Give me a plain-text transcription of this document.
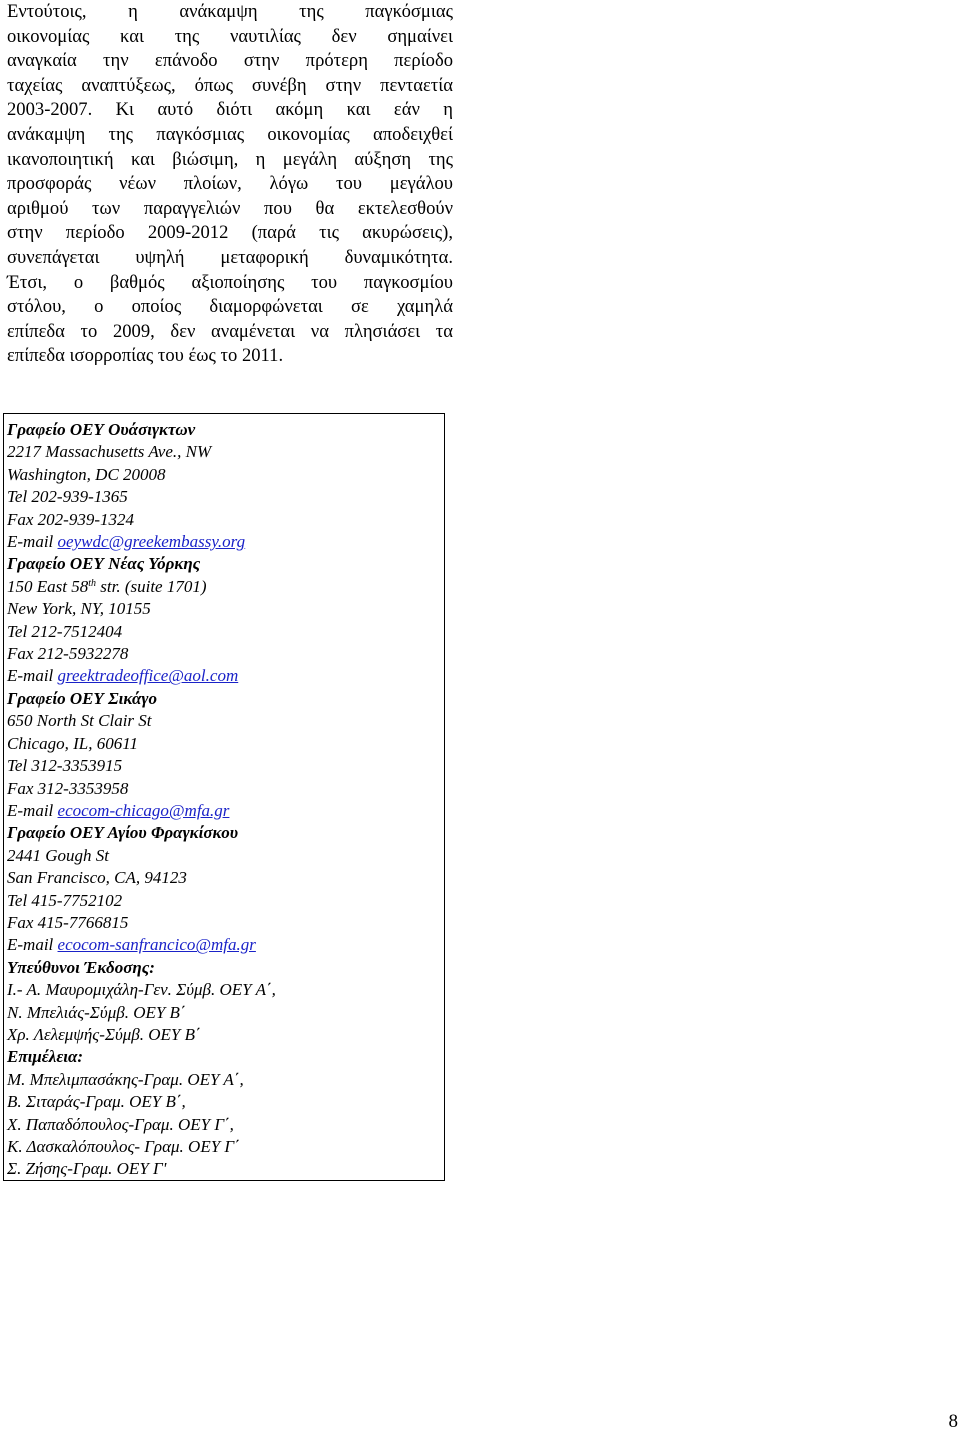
Εντούτοις, η ανάκαμψη της παγκόσμιας
οικονομίας και της ναυτιλίας δεν σημαίνει
αναγκαία την επάνοδο στην πρότερη περίοδο
ταχείας αναπτύξεως, όπως συνέβη στην πενταετία
2003-2007. Κι αυτό διότι ακόμη και εάν η
ανάκαμψη της παγκόσμιας οικονομίας αποδειχθεί
ικανοποιητική και βιώσιμη, η μεγάλη αύξηση της
προσφοράς νέων πλοίων, λόγω του μεγάλου
αριθμού των παραγγελιών που θα εκτελεσθούν
στην περίοδο 2009-2012 (παρά τις ακυρώσεις),
συνεπάγεται υψηλή μεταφορική δυναμικότητα.
Έτσι, ο βαθμός αξιοποίησης του παγκοσμίου
στόλου, ο οποίος διαμορφώνεται σε χαμηλά
επίπεδα το 2009, δεν αναμένεται να πλησιάσει τα
επίπεδα ισορροπίας του έως το 2011.
Γραφείο ΟΕΥ Ουάσιγκτων
2217 Massachusetts Ave., NW
Washington, DC 20008
Tel 202-939-1365
Fax 202-939-1324
E-mail oeywdc@greekembassy.org
Γραφείο ΟΕΥ Νέας Υόρκης
150 East 58th str. (suite 1701)
New York, NY, 10155
Tel 212-7512404
Fax 212-5932278
E-mail greektradeoffice@aol.com
Γραφείο ΟΕΥ Σικάγο
650 North St Clair St
Chicago, IL, 60611
Tel 312-3353915
Fax 312-3353958
E-mail ecocom-chicago@mfa.gr
Γραφείο ΟΕΥ Αγίου Φραγκίσκου
2441 Gough St
San Francisco, CA, 94123
Tel 415-7752102
Fax 415-7766815
E-mail ecocom-sanfrancico@mfa.gr
Υπεύθυνοι Έκδοσης:
Ι.- Α. Μαυρομιχάλη-Γεν. Σύμβ. ΟΕΥ Α΄,
Ν. Μπελιάς-Σύμβ. ΟΕΥ Β΄
Χρ. Λελεμψής-Σύμβ. ΟΕΥ Β΄
Επιμέλεια:
Μ. Μπελιμπασάκης-Γραμ. ΟΕΥ Α΄,
Β. Σιταράς-Γραμ. ΟΕΥ Β΄,
Χ. Παπαδόπουλος-Γραμ. ΟΕΥ Γ΄,
Κ. Δασκαλόπουλος- Γραμ. ΟΕΥ Γ΄
Σ. Ζήσης-Γραμ. ΟΕΥ Γ'
8
